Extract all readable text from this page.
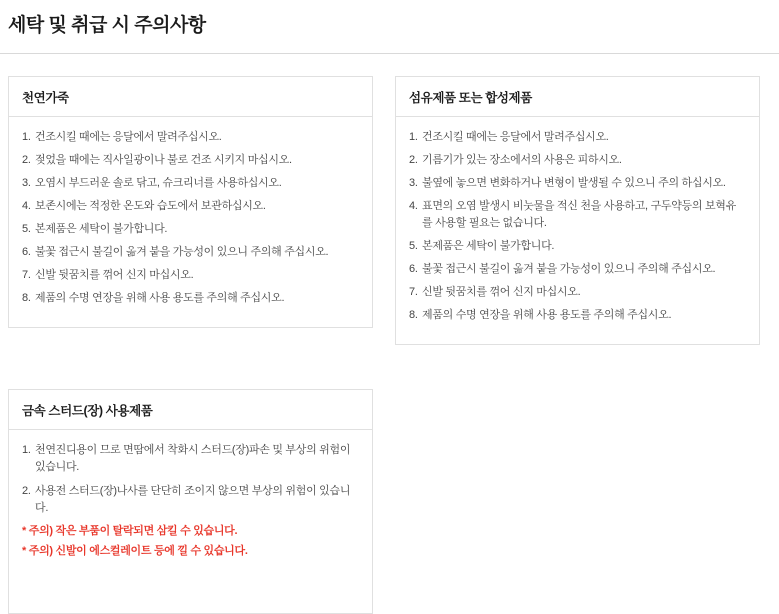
세탁 및 취급 시 주의사항
천연가죽
1. 건조시킬 때에는 응달에서 말려주십시오.
2. 젖었을 때에는 직사일광이나 불로 건조 시키지 마십시오.
3. 오염시 부드러운 솔로 닦고, 슈크리너를 사용하십시오.
4. 보존시에는 적정한 온도와 습도에서 보관하십시오.
5. 본제품은 세탁이 불가합니다.
6. 불꽃 접근시 불길이 옮겨 붙을 가능성이 있으니 주의해 주십시오.
7. 신발 뒷꿈치를 꺾어 신지 마십시오.
8. 제품의 수명 연장을 위해 사용 용도를 주의해 주십시오.
섬유제품 또는 합성제품
1. 건조시킬 때에는 응달에서 말려주십시오.
2. 기름기가 있는 장소에서의 사용은 피하시오.
3. 불옆에 놓으면 변화하거나 변형이 발생될 수 있으니 주의 하십시오.
4. 표면의 오염 발생시 비눗물을 적신 천을 사용하고, 구두약등의 보혁유를 사용할 필요는 없습니다.
5. 본제품은 세탁이 불가합니다.
6. 불꽃 접근시 불길이 옮겨 붙을 가능성이 있으니 주의해 주십시오.
7. 신발 뒷꿈치를 꺾어 신지 마십시오.
8. 제품의 수명 연장을 위해 사용 용도를 주의해 주십시오.
금속 스터드(장) 사용제품
1. 천연진디용이 므로 면땀에서 착화시 스터드(장)파손 및 부상의 위험이 있습니다.
2. 사용전 스터드(장)나사를 단단히 조이지 않으면 부상의 위험이 있습니다.
* 주의) 작은 부품이 탈락되면 삼킬 수 있습니다.
* 주의) 신발이 에스컬레이트 등에 낄 수 있습니다.
